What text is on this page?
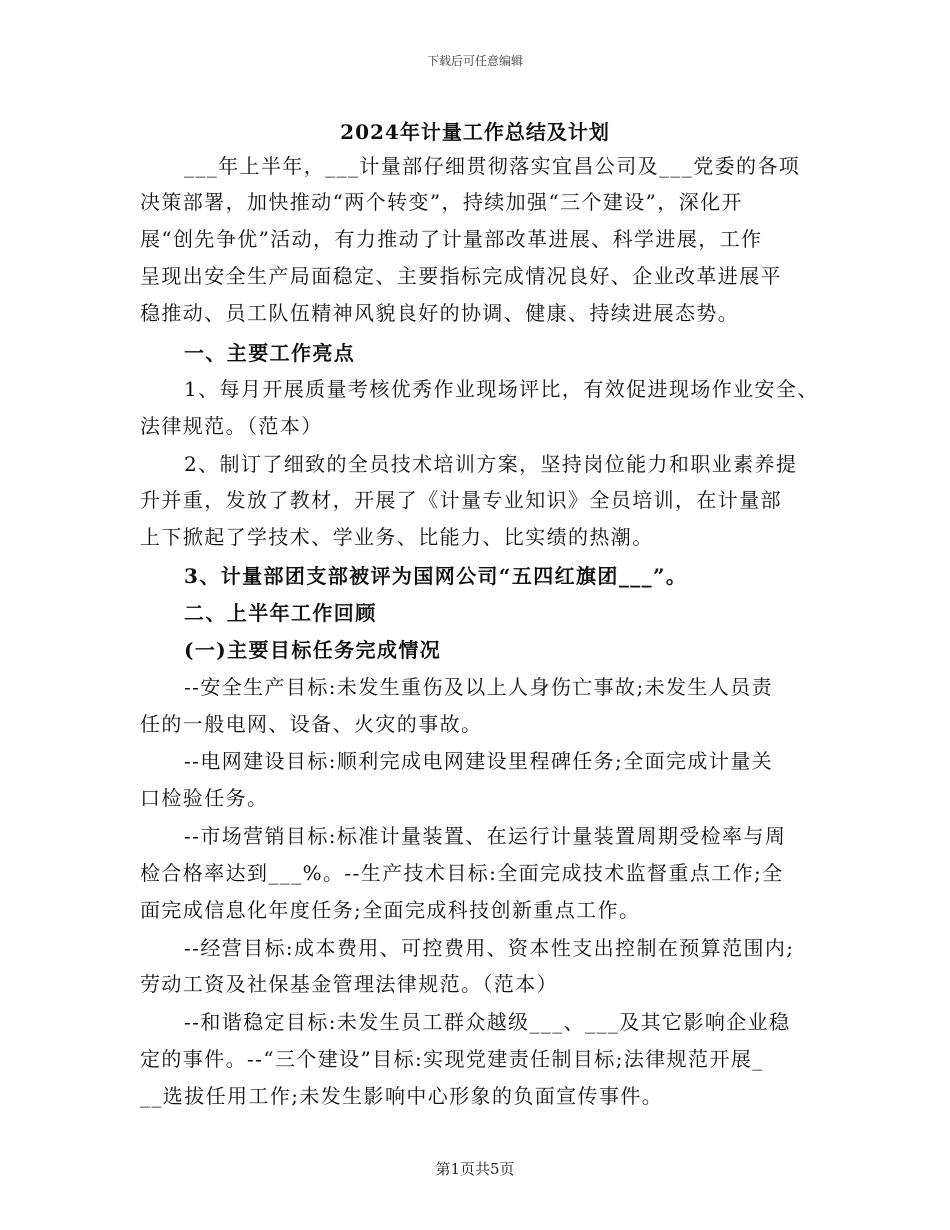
下载后可任意编辑
2024年计量工作总结及计划
___年上半年，___计量部仔细贯彻落实宜昌公司及___党委的各项
决策部署，加快推动“两个转变”，持续加强“三个建设”，深化开
展“创先争优”活动，有力推动了计量部改革进展、科学进展，工作
呈现出安全生产局面稳定、主要指标完成情况良好、企业改革进展平
稳推动、员工队伍精神风貌良好的协调、健康、持续进展态势。
一、主要工作亮点
1、每月开展质量考核优秀作业现场评比，有效促进现场作业安全、
法律规范。（范本）
2、制订了细致的全员技术培训方案，坚持岗位能力和职业素养提
升并重，发放了教材，开展了《计量专业知识》全员培训，在计量部
上下掀起了学技术、学业务、比能力、比实绩的热潮。
3、计量部团支部被评为国网公司“五四红旗团___”。
二、上半年工作回顾
(一)主要目标任务完成情况
--安全生产目标:未发生重伤及以上人身伤亡事故;未发生人员责
任的一般电网、设备、火灾的事故。
--电网建设目标:顺利完成电网建设里程碑任务;全面完成计量关
口检验任务。
--市场营销目标:标准计量装置、在运行计量装置周期受检率与周
检合格率达到___%。--生产技术目标:全面完成技术监督重点工作;全
面完成信息化年度任务;全面完成科技创新重点工作。
--经营目标:成本费用、可控费用、资本性支出控制在预算范围内;
劳动工资及社保基金管理法律规范。（范本）
--和谐稳定目标:未发生员工群众越级___、___及其它影响企业稳
定的事件。--“三个建设”目标:实现党建责任制目标;法律规范开展_
__选拔任用工作;未发生影响中心形象的负面宣传事件。
第1页共5页
